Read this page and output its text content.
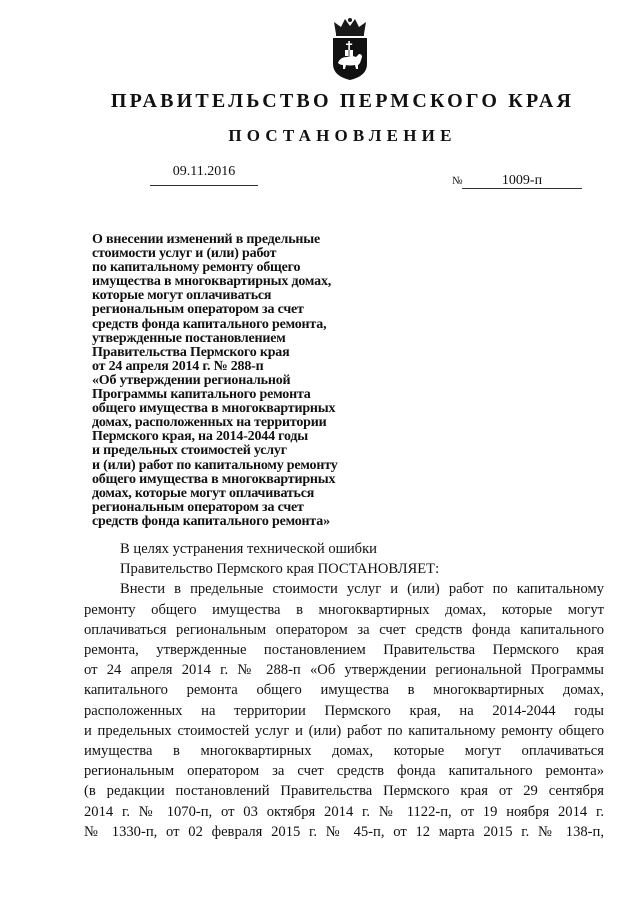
ПРАВИТЕЛЬСТВО ПЕРМСКОГО КРАЯ
ПОСТАНОВЛЕНИЕ
09.11.2016
№	1009-п
О внесении изменений в предельные
стоимости услуг и (или) работ
по капитальному ремонту общего
имущества в многоквартирных домах,
которые могут оплачиваться
региональным оператором за счет
средств фонда капитального ремонта,
утвержденные постановлением
Правительства Пермского края
от 24 апреля 2014 г. № 288-п
«Об утверждении региональной
Программы капитального ремонта
общего имущества в многоквартирных
домах, расположенных на территории
Пермского края, на 2014-2044 годы
и предельных стоимостей услуг
и (или) работ по капитальному ремонту
общего имущества в многоквартирных
домах, которые могут оплачиваться
региональным оператором за счет
средств фонда капитального ремонта»
В целях устранения технической ошибки
Правительство Пермского края ПОСТАНОВЛЯЕТ:
Внести в предельные стоимости услуг и (или) работ по капитальному
ремонту общего имущества в многоквартирных домах, которые могут
оплачиваться региональным оператором за счет средств фонда капитального
ремонта, утвержденные постановлением Правительства Пермского края
от 24 апреля 2014 г. № 288-п «Об утверждении региональной Программы
капитального ремонта общего имущества в многоквартирных домах,
расположенных на территории Пермского края, на 2014-2044 годы
и предельных стоимостей услуг и (или) работ по капитальному ремонту общего
имущества в многоквартирных домах, которые могут оплачиваться
региональным оператором за счет средств фонда капитального ремонта»
(в редакции постановлений Правительства Пермского края от 29 сентября
2014 г. № 1070-п, от 03 октября 2014 г. № 1122-п, от 19 ноября 2014 г.
№ 1330-п, от 02 февраля 2015 г. № 45-п, от 12 марта 2015 г. № 138-п,
